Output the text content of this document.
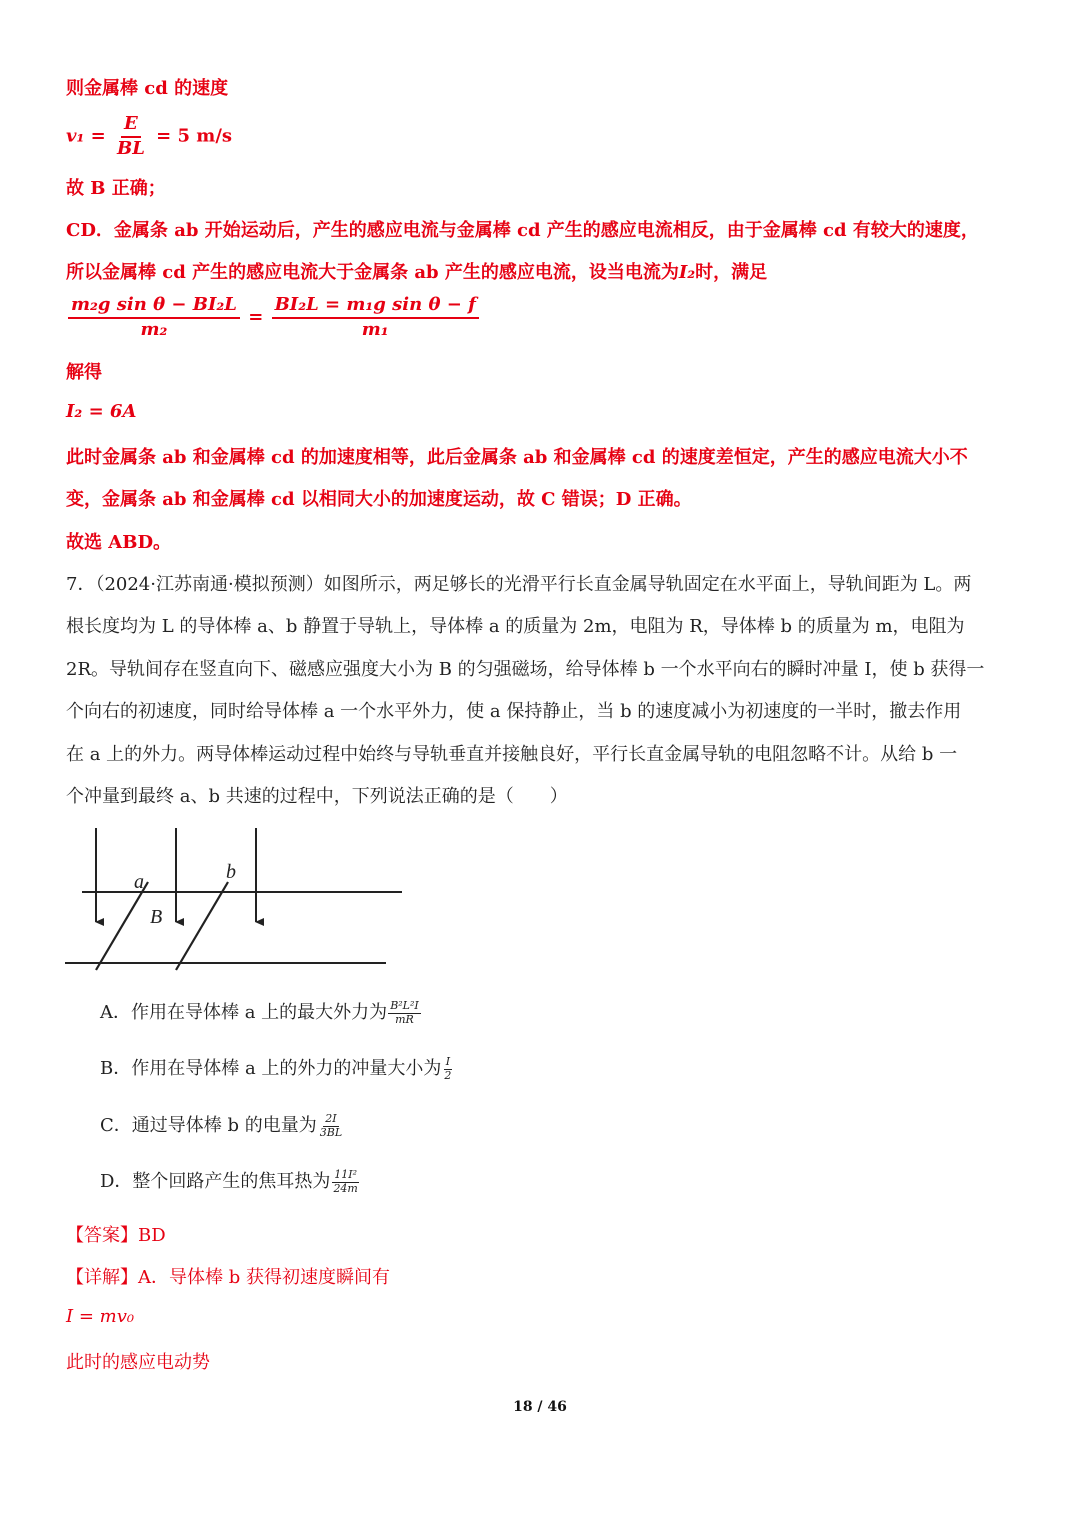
则金属棒 cd 的速度
$v_1 = \frac{E}{BL} = 5$ m/s
故 B 正确；
CD．金属条 ab 开始运动后，产生的感应电流与金属棒 cd 产生的感应电流相反，由于金属棒 cd 有较大的速度，
所以金属棒 cd 产生的感应电流大于金属条 ab 产生的感应电流，设当电流为I₂时，满足
$\frac{\text{m₂g sin θ − BI₂L}}{\text{m₂}} = \frac{\text{BI₂L = m₁g sin θ − f}}{\text{m₁}}$
解得
I₂ = 6A
此时金属条 ab 和金属棒 cd 的加速度相等，此后金属条 ab 和金属棒 cd 的速度差恒定，产生的感应电流大小不
变，金属条 ab 和金属棒 cd 以相同大小的加速度运动，故 C 错误；D 正确。
故选 ABD。
7．（2024·江苏南通·模拟预测）如图所示，两足够长的光滑平行长直金属导轨固定在水平面上，导轨间距为 L。两
根长度均为 L 的导体棒 a、b 静置于导轨上，导体棒 a 的质量为 2m，电阻为 R，导体棒 b 的质量为 m，电阻为
2R。导轨间存在竖直向下、磁感应强度大小为 B 的匀强磁场，给导体棒 b 一个水平向右的瞬时冲量 I，使 b 获得一
个向右的初速度，同时给导体棒 a 一个水平外力，使 a 保持静止，当 b 的速度减小为初速度的一半时，撤去作用
在 a 上的外力。两导体棒运动过程中始终与导轨垂直并接触良好，平行长直金属导轨的电阻忽略不计。从给 b 一
个冲量到最终 a、b 共速的过程中，下列说法正确的是（　　）
a	b
B
A．作用在导体棒 a 上的最大外力为 $\frac{\text{B²L²I}}{mR}$
B．作用在导体棒 a 上的外力的冲量大小为 $\frac{I}{2}$
C．通过导体棒 b 的电量为 $\frac{2I}{3BL}$
D．整个回路产生的焦耳热为 $\frac{\text{11I²}}{24m}$
【答案】BD
【详解】A．导体棒 b 获得初速度瞬间有
I = mv₀
此时的感应电动势
18 / 46
